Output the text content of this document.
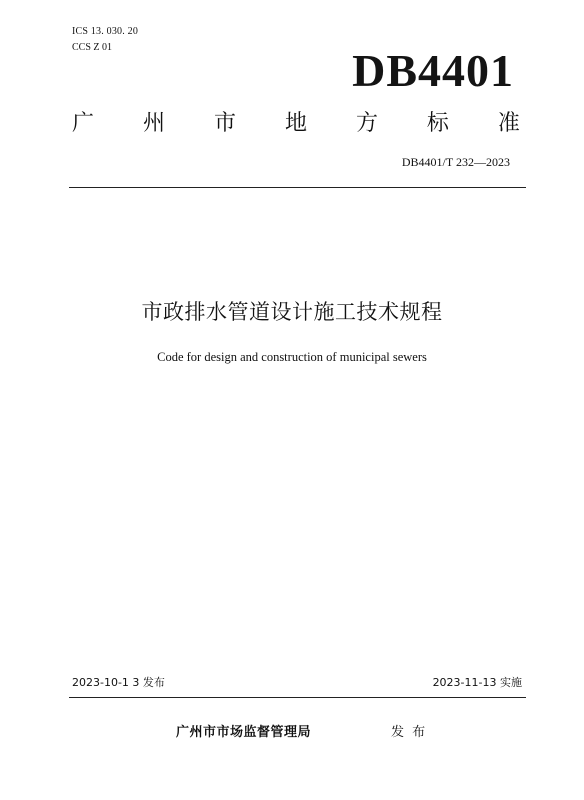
ICS 13. 030. 20
CCS Z 01	DB4401
广 州 市 地 方 标 准
DB4401/T 232—2023
市政排水管道设计施工技术规程
Code for design and construction of municipal sewers
2023-10-1 3 发布	2023-11-13 实施
广州市市场监督管理局	发 布
